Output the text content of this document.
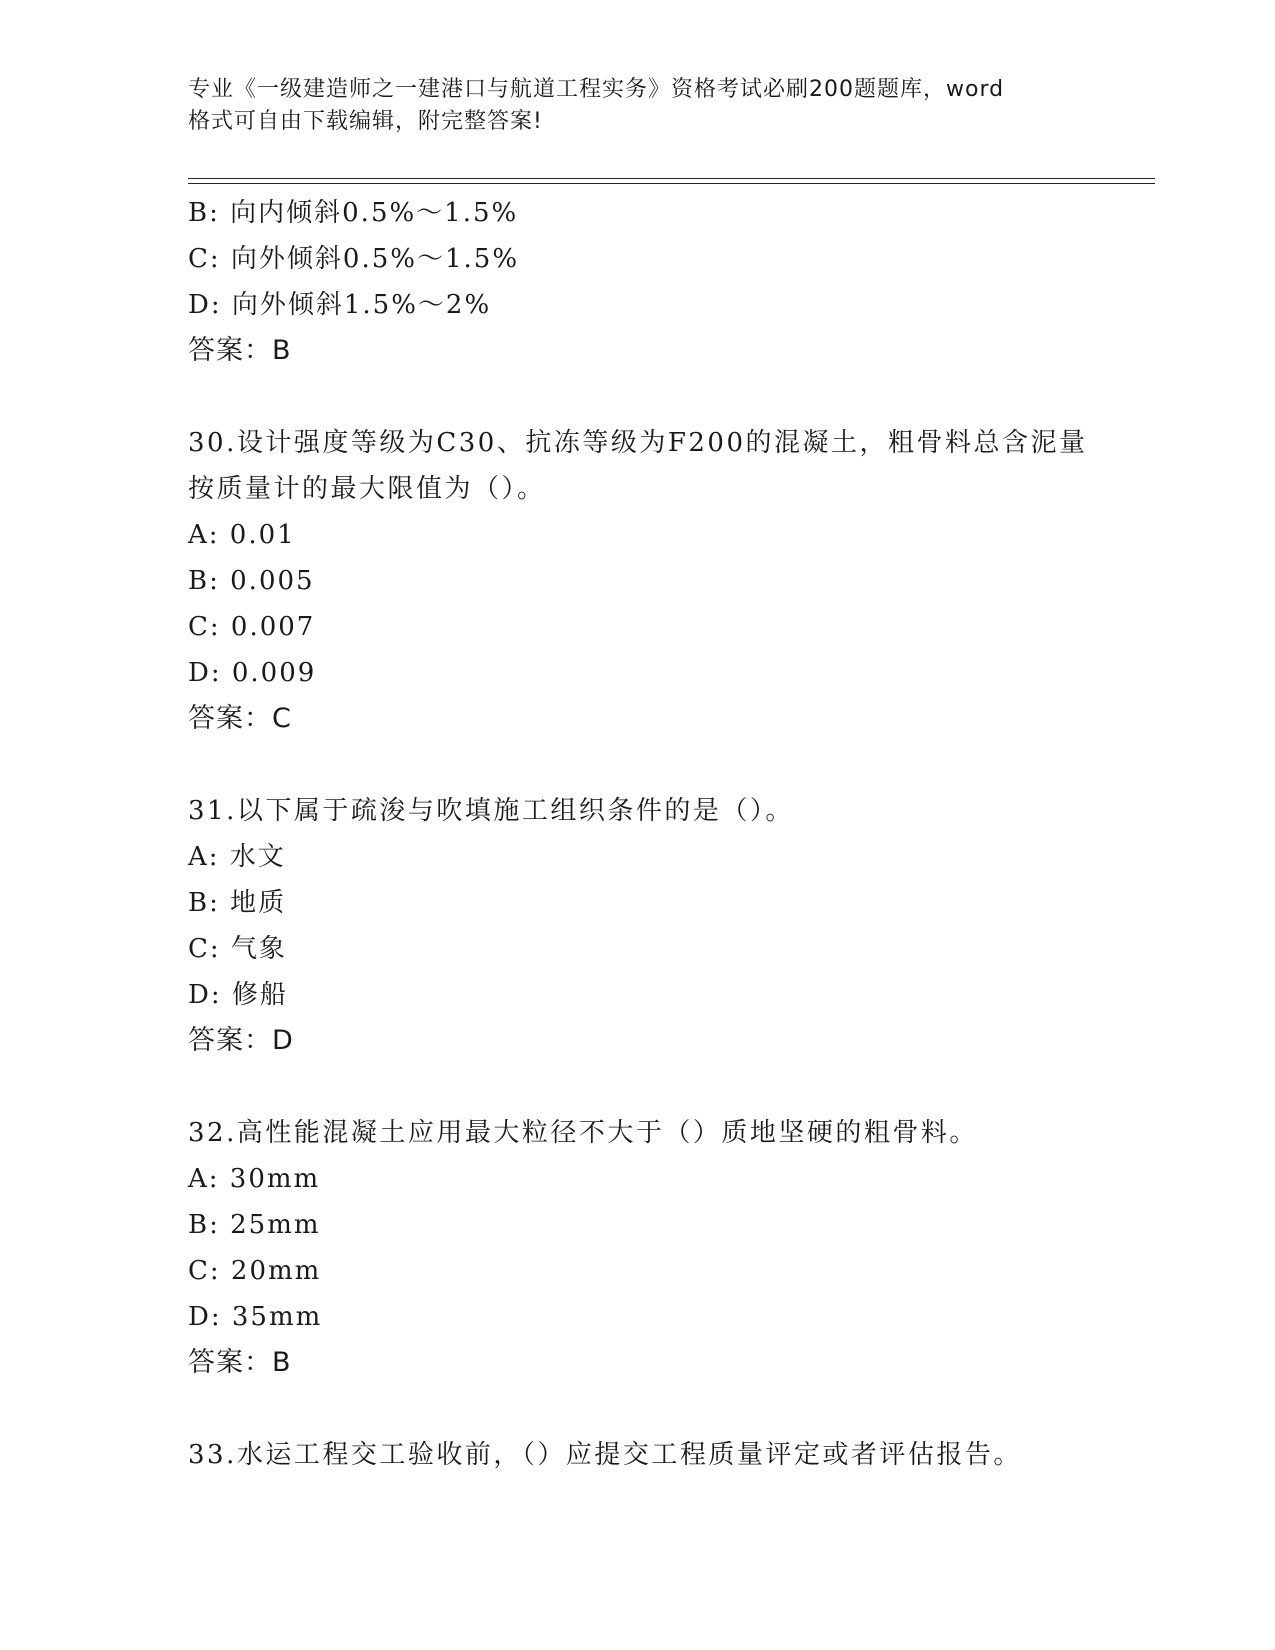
专业《一级建造师之一建港口与航道工程实务》资格考试必刷200题题库，word
格式可自由下载编辑，附完整答案!
B: 向内倾斜0.5%～1.5%
C: 向外倾斜0.5%～1.5%
D: 向外倾斜1.5%～2%
答案：B
30.设计强度等级为C30、抗冻等级为F200的混凝土，粗骨料总含泥量
按质量计的最大限值为（）。
A: 0.01
B: 0.005
C: 0.007
D: 0.009
答案：C
31.以下属于疏浚与吹填施工组织条件的是（）。
A: 水文
B: 地质
C: 气象
D: 修船
答案：D
32.高性能混凝土应用最大粒径不大于（）质地坚硬的粗骨料。
A: 30mm
B: 25mm
C: 20mm
D: 35mm
答案：B
33.水运工程交工验收前，（）应提交工程质量评定或者评估报告。
